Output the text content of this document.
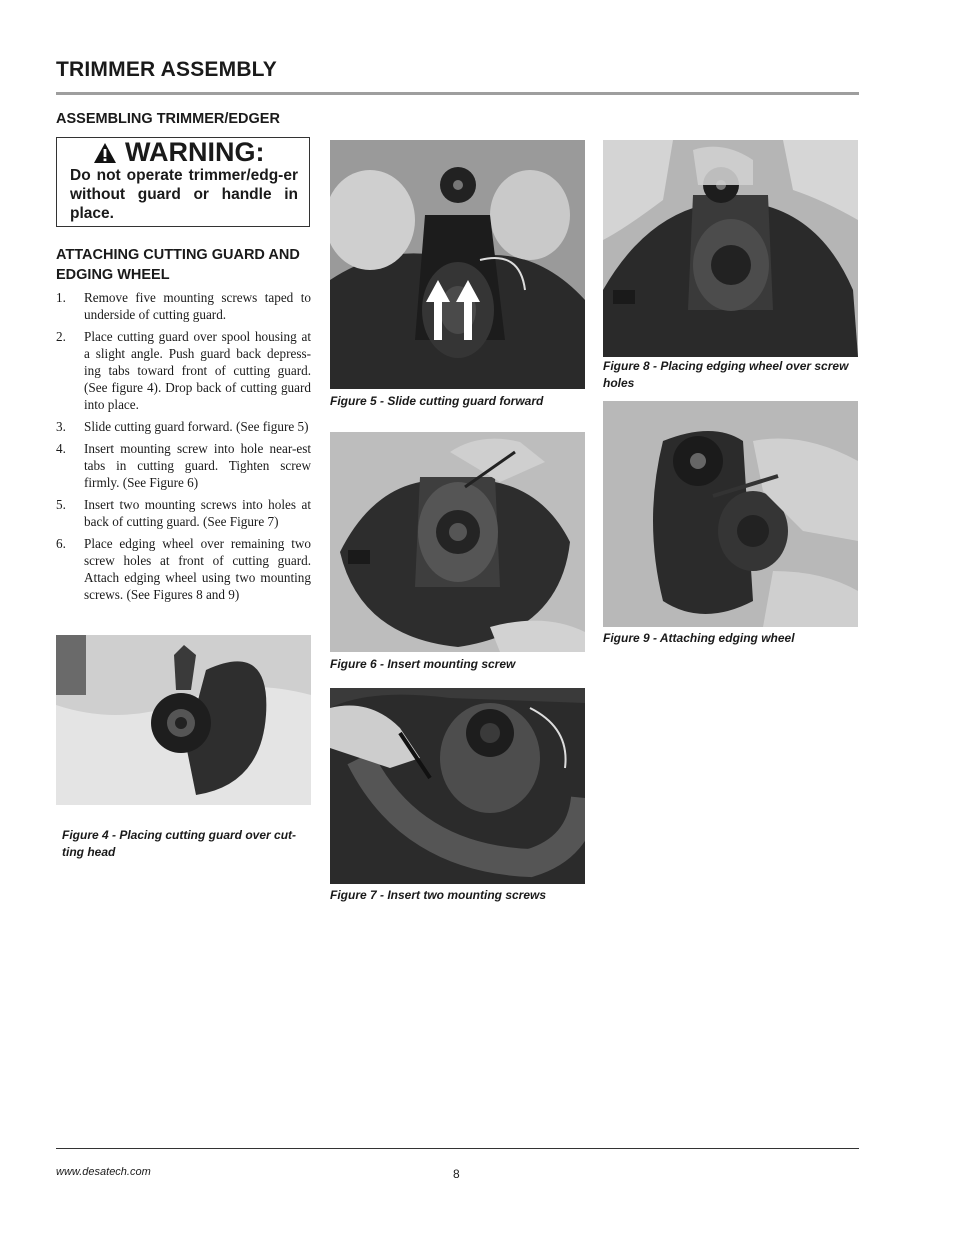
TRIMMER ASSEMBLY
ASSEMBLING TRIMMER/EDGER
WARNING:
Do not operate trimmer/edg-er without guard or handle in place.
ATTACHING CUTTING GUARD AND EDGING WHEEL
1. Remove five mounting screws taped to underside of cutting guard.
2. Place cutting guard over spool housing at a slight angle. Push guard back depress-ing tabs toward front of cutting guard. (See figure 4). Drop back of cutting guard into place.
3. Slide cutting guard forward. (See figure 5)
4. Insert mounting screw into hole near-est tabs in cutting guard. Tighten screw firmly. (See Figure 6)
5. Insert two mounting screws into holes at back of cutting guard. (See Figure 7)
6. Place edging wheel over remaining two screw holes at front of cutting guard. Attach edging wheel using two mounting screws. (See Figures 8 and 9)
Figure 4 - Placing cutting guard over cut-ting head
Figure 5 - Slide cutting guard forward
Figure 6 - Insert mounting screw
Figure 7 - Insert two mounting screws
Figure 8 - Placing edging wheel over screw holes
Figure 9 - Attaching edging wheel
www.desatech.com	8
